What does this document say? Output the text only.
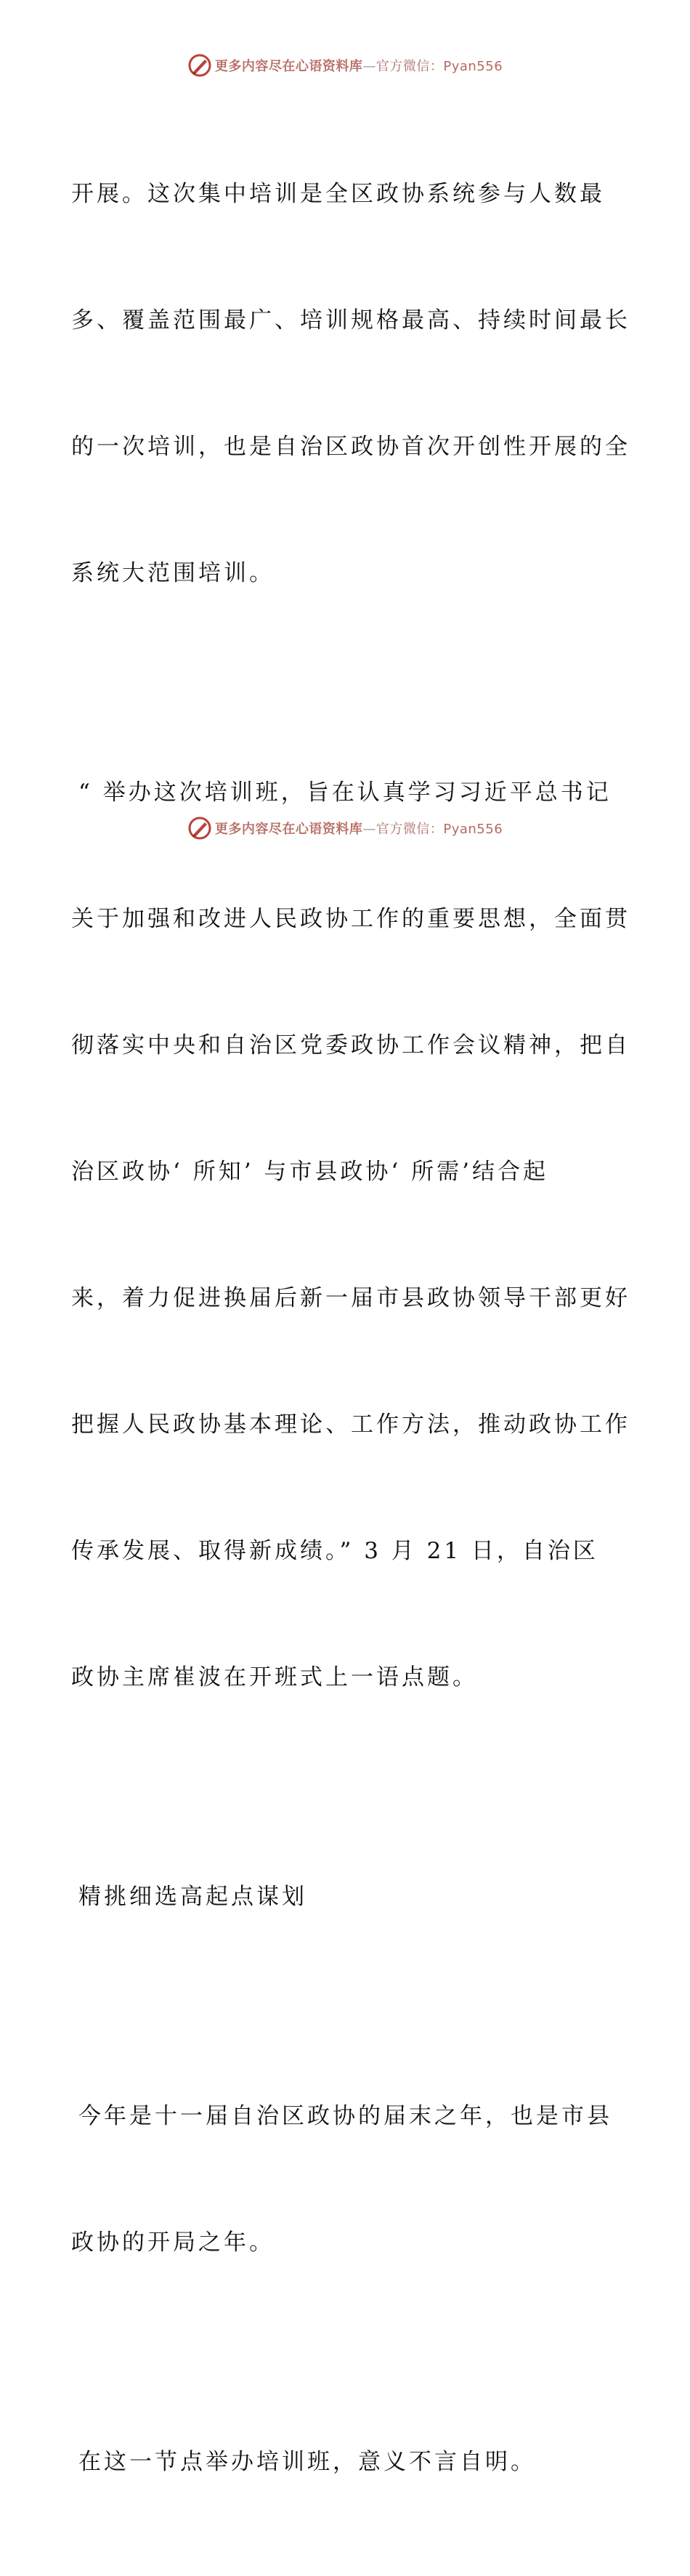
更多内容尽在心语资料库—官方微信：Pyan556

开展。这次集中培训是全区政协系统参与人数最

多、覆盖范围最广、培训规格最高、持续时间最长

的一次培训，也是自治区政协首次开创性开展的全

系统大范围培训。

“ 举办这次培训班，旨在认真学习习近平总书记

关于加强和改进人民政协工作的重要思想，全面贯

彻落实中央和自治区党委政协工作会议精神，把自

治区政协‘ 所知’ 与市县政协‘ 所需’结合起

来，着力促进换届后新一届市县政协领导干部更好

把握人民政协基本理论、工作方法，推动政协工作

传承发展、取得新成绩。” 3 月 21 日，自治区

政协主席崔波在开班式上一语点题。

精挑细选高起点谋划

今年是十一届自治区政协的届末之年，也是市县

政协的开局之年。

在这一节点举办培训班，意义不言自明。

更多内容尽在心语资料库—官方微信：Pyan556
